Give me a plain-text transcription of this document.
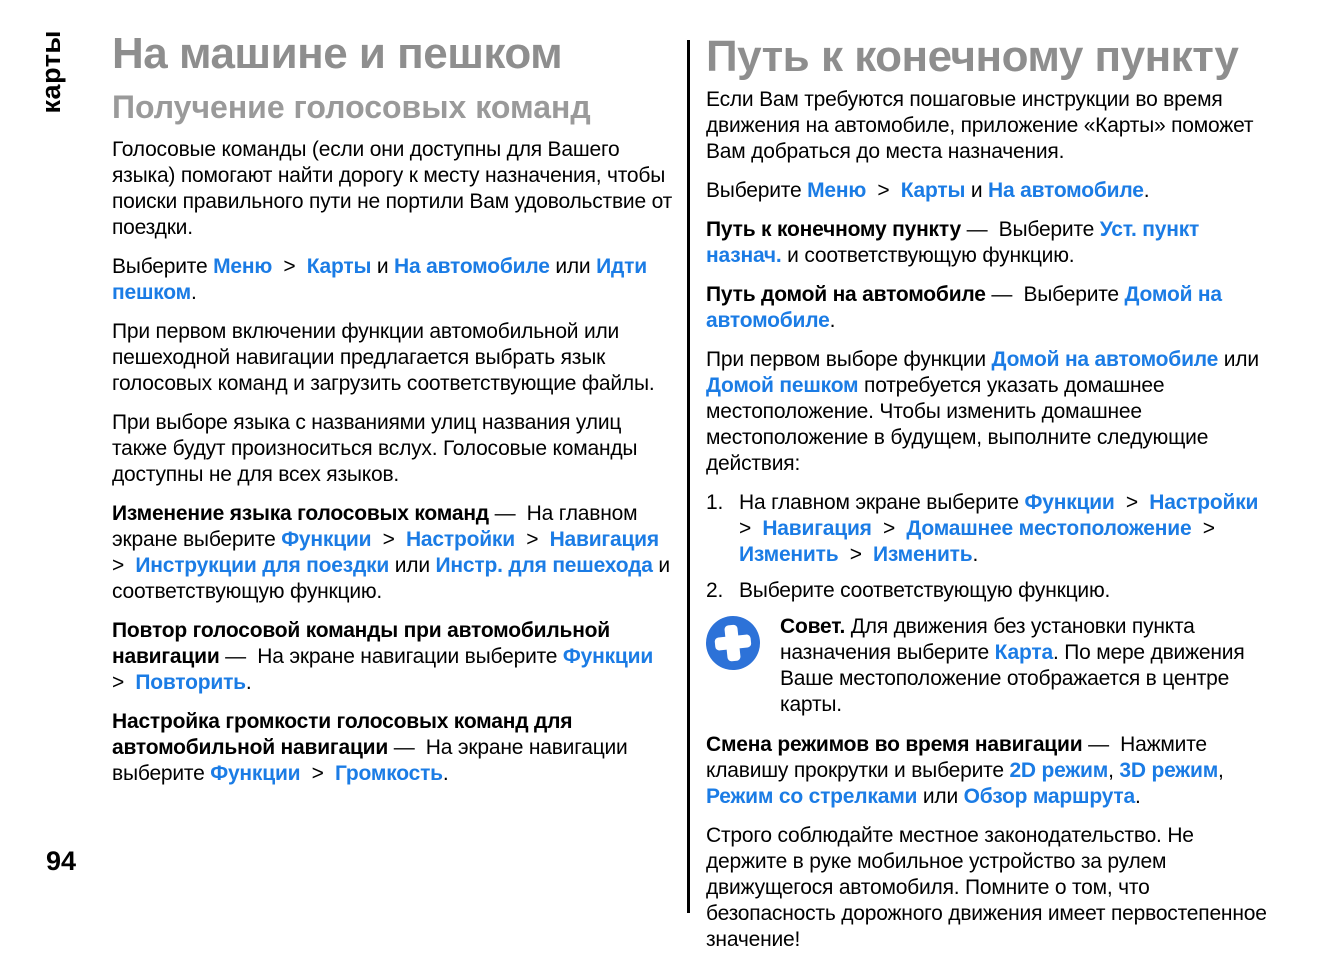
карты На машине и пешком
Получение голосовых команд

Голосовые команды (если они доступны для Вашего языка) помогают найти дорогу к месту назначения, чтобы поиски правильного пути не портили Вам удовольствие от поездки.

Выберите Меню  >  Карты и На автомобиле или Идти пешком.

При первом включении функции автомобильной или пешеходной навигации предлагается выбрать язык голосовых команд и загрузить соответствующие файлы.

При выборе языка с названиями улиц названия улиц также будут произноситься вслух. Голосовые команды доступны не для всех языков.

Изменение языка голосовых команд —  На главном экране выберите Функции  >  Настройки  >  Навигация  >  Инструкции для поездки или Инстр. для пешехода и соответствующую функцию.

Повтор голосовой команды при автомобильной навигации —  На экране навигации выберите Функции  >  Повторить.

Настройка громкости голосовых команд для автомобильной навигации —  На экране навигации выберите Функции  >  Громкость.

Путь к конечному пункту

Если Вам требуются пошаговые инструкции во время движения на автомобиле, приложение «Карты» поможет Вам добраться до места назначения.

Выберите Меню  >  Карты и На автомобиле.

Путь к конечному пункту —  Выберите Уст. пункт назнач. и соответствующую функцию.

Путь домой на автомобиле —  Выберите Домой на автомобиле.

При первом выборе функции Домой на автомобиле или Домой пешком потребуется указать домашнее местоположение. Чтобы изменить домашнее местоположение в будущем, выполните следующие действия:

1. На главном экране выберите Функции  >  Настройки  >  Навигация  >  Домашнее местоположение  >  Изменить  >  Изменить.

2. Выберите соответствующую функцию.

Совет. Для движения без установки пункта назначения выберите Карта. По мере движения Ваше местоположение отображается в центре карты.

Смена режимов во время навигации —  Нажмите клавишу прокрутки и выберите 2D режим, 3D режим, Режим со стрелками или Обзор маршрута.

Строго соблюдайте местное законодательство. Не держите в руке мобильное устройство за рулем движущегося автомобиля. Помните о том, что безопасность дорожного движения имеет первостепенное значение!

94
